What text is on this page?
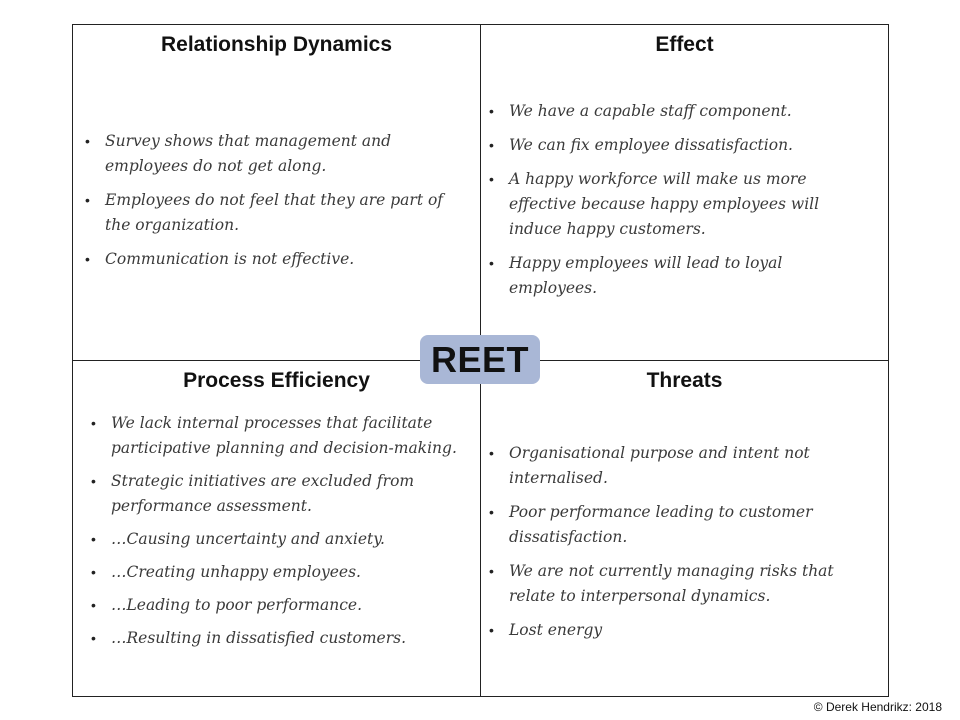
Relationship Dynamics
• Survey shows that management and employees do not get along.
• Employees do not feel that they are part of the organization.
• Communication is not effective.
Effect
• We have a capable staff component.
• We can fix employee dissatisfaction.
• A happy workforce will make us more effective because happy employees will induce happy customers.
• Happy employees will lead to loyal employees.
Process Efficiency
• We lack internal processes that facilitate participative planning and decision-making.
• Strategic initiatives are excluded from performance assessment.
• …Causing uncertainty and anxiety.
• …Creating unhappy employees.
• …Leading to poor performance.
• …Resulting in dissatisfied customers.
Threats
• Organisational purpose and intent not internalised.
• Poor performance leading to customer dissatisfaction.
• We are not currently managing risks that relate to interpersonal dynamics.
• Lost energy
REET
© Derek Hendrikz: 2018
